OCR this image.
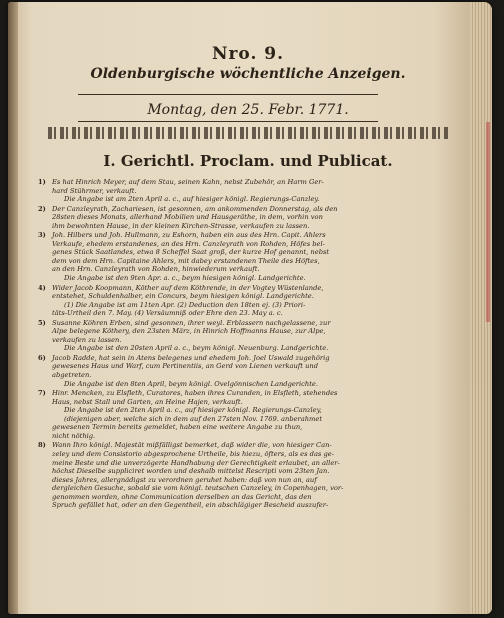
Nro. 9.
Oldenburgische wöchentliche Anzeigen.
Montag, den 25. Febr. 1771.
I. Gerichtl. Proclam. und Publicat.
1) Es hat Hinrich Meyer, auf dem Stau, seinen Kahn, nebst Zubehör, an Harm Ger-
hard Stührmer, verkauft.
Die Angabe ist am 2ten April a. c., auf hiesiger königl. Regierungs-Canzley.
2) Der Canzleyrath, Zachariesen, ist gesonnen, am ankommenden Donnerstag, als den
28sten dieses Monats, allerhand Mobilien und Hausgeräthe, in dem, vorhin von
ihm bewohnten Hause, in der kleinen Kirchen-Strasse, verkaufen zu lassen.
3) Joh. Hilbers und Joh. Hullmann, zu Eshorn, haben ein aus des Hrn. Capit. Ahlers
Verkaufe, ehedem erstandenes, an des Hrn. Canzleyrath von Rohden, Höfes bel-
genes Stück Saatlandes, etwa 8 Scheffel Saat groß, der kurze Hof genannt, nebst
dem von dem Hrn. Capitaine Ahlers, mit dabey erstandenen Theile des Höftes,
an den Hrn. Canzleyrath von Rohden, hinwiederum verkauft.
Die Angabe ist den 9ten Apr. a. c., beym hiesigen königl. Landgerichte.
4) Wider Jacob Koopmann, Köther auf dem Köthrende, in der Vogtey Wüstenlande,
entstehet, Schuldenhalber, ein Concurs, beym hiesigen königl. Landgerichte.
(1) Die Angabe ist am 11ten Apr. (2) Deduction den 18ten ej. (3) Priori-
täts-Urtheil den 7. May. (4) Versäumniß oder Ehre den 23. May a. c.
5) Susanne Köhren Erben, sind gesonnen, ihrer weyl. Erblassern nachgelassene, zur
Alpe belegene Köthery, den 23sten März, in Hinrich Hoffmanns Hause, zur Alpe,
verkaufen zu lassen.
Die Angabe ist den 20sten April a. c., beym königl. Neuenburg. Landgerichte.
6) Jacob Radde, hat sein in Atens belegenes und ehedem Joh. Joel Uswald zugehörig
gewesenes Haus und Warf, cum Pertinentiis, an Gerd von Lienen verkauft und
abgetreten.
Die Angabe ist den 8ten April, beym königl. Ovelgönnischen Landgerichte.
7) Hinr. Mencken, zu Elsfleth, Curatores, haben ihres Curanden, in Elsfleth, stehendes
Haus, nebst Stall und Garten, an Heine Hajen, verkauft.
Die Angabe ist den 2ten April a. c., auf hiesiger königl. Regierungs-Canzley,
(diejenigen aber, welche sich in dem auf den 27sten Nov. 1769. anberahmet
gewesenen Termin bereits gemeldet, haben eine weitere Angabe zu thun,
nicht nöthig.
8) Wann Ihro königl. Majestät mißfälligst bemerket, daß wider die, von hiesiger Can-
zeley und dem Consistorio abgesprochene Urtheile, bis hiezu, öfters, als es das ge-
meine Beste und die unverzögerte Handhabung der Gerechtigkeit erlaubet, an aller-
höchst Dieselbe suppliciret worden und deshalb mittelst Rescripti vom 23ten Jan.
dieses Jahres, allergnädigst zu verordnen geruhet haben: daß von nun an, auf
dergleichen Gesuche, sobald sie vom königl. teutschen Canzeley, in Copenhagen, vor-
genommen worden, ohne Communication derselben an das Gericht, das den
Spruch gefället hat, oder an den Gegentheil, ein abschlägiger Bescheid auszufer-
